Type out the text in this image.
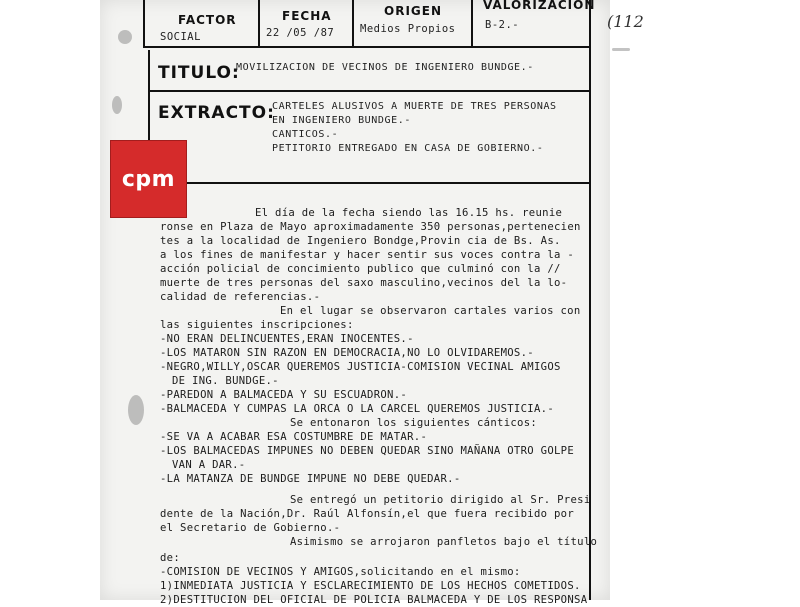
FACTOR
SOCIAL
FECHA
22 /05 /87
ORIGEN
Medios Propios
VALORIZACION
B-2.-	(112
TITULO:
MOVILIZACION DE VECINOS DE INGENIERO BUNDGE.-
EXTRACTO:
CARTELES ALUSIVOS A MUERTE DE TRES PERSONAS
EN INGENIERO BUNDGE.-
CANTICOS.-
PETITORIO ENTREGADO EN CASA DE GOBIERNO.-
cpm
El día de la fecha siendo las 16.15 hs. reunie
ronse en Plaza de Mayo aproximadamente 350 personas,pertenecien
tes a la localidad de Ingeniero Bondge,Provin cia de Bs. As.
a los fines de manifestar y hacer sentir sus voces contra la -
acción policial de concimiento publico que culminó con la //
muerte de tres personas del saxo masculino,vecinos del la lo-
calidad de referencias.-
En el lugar se observaron cartales varios con
las siguientes inscripciones:
-NO ERAN DELINCUENTES,ERAN INOCENTES.-
-LOS MATARON SIN RAZON EN DEMOCRACIA,NO LO OLVIDAREMOS.-
-NEGRO,WILLY,OSCAR QUEREMOS JUSTICIA-COMISION VECINAL AMIGOS
DE ING. BUNDGE.-
-PAREDON A BALMACEDA Y SU ESCUADRON.-
-BALMACEDA Y CUMPAS LA ORCA O LA CARCEL QUEREMOS JUSTICIA.-
Se entonaron los siguientes cánticos:
-SE VA A ACABAR ESA COSTUMBRE DE MATAR.-
-LOS BALMACEDAS IMPUNES NO DEBEN QUEDAR SINO MAÑANA OTRO GOLPE
VAN A DAR.-
-LA MATANZA DE BUNDGE IMPUNE NO DEBE QUEDAR.-
Se entregó un petitorio dirigido al Sr. Presi
dente de la Nación,Dr. Raúl Alfonsín,el que fuera recibido por
el Secretario de Gobierno.-
Asimismo se arrojaron panfletos bajo el título
de:
-COMISION DE VECINOS Y AMIGOS,solicitando en el mismo:
1)INMEDIATA JUSTICIA Y ESCLARECIMIENTO DE LOS HECHOS COMETIDOS.
2)DESTITUCION DEL OFICIAL DE POLICIA BALMACEDA Y DE LOS RESPONSA
